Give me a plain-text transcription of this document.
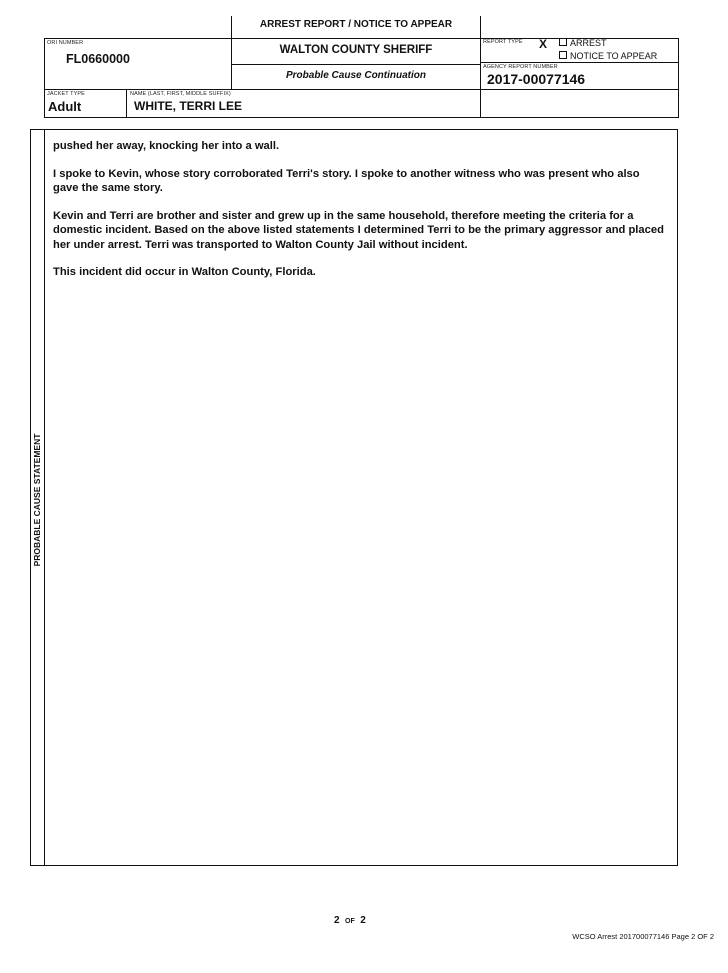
ARREST REPORT / NOTICE TO APPEAR
WALTON COUNTY SHERIFF
Probable Cause Continuation
ORI NUMBER
FL0660000
REPORT TYPE X	ARREST
NOTICE TO APPEAR
AGENCY REPORT NUMBER
2017-00077146
JACKET TYPE
Adult
NAME (LAST, FIRST, MIDDLE SUFFIX)
WHITE, TERRI LEE
PROBABLE CAUSE STATEMENT

pushed her away, knocking her into a wall.

I spoke to Kevin, whose story corroborated Terri's story. I spoke to another witness who was present who also gave the same story.

Kevin and Terri are brother and sister and grew up in the same household, therefore meeting the criteria for a domestic incident. Based on the above listed statements I determined Terri to be the primary aggressor and placed her under arrest. Terri was transported to Walton County Jail without incident.

This incident did occur in Walton County, Florida.

2 OF 2
WCSO Arrest 201700077146 Page 2 OF 2
